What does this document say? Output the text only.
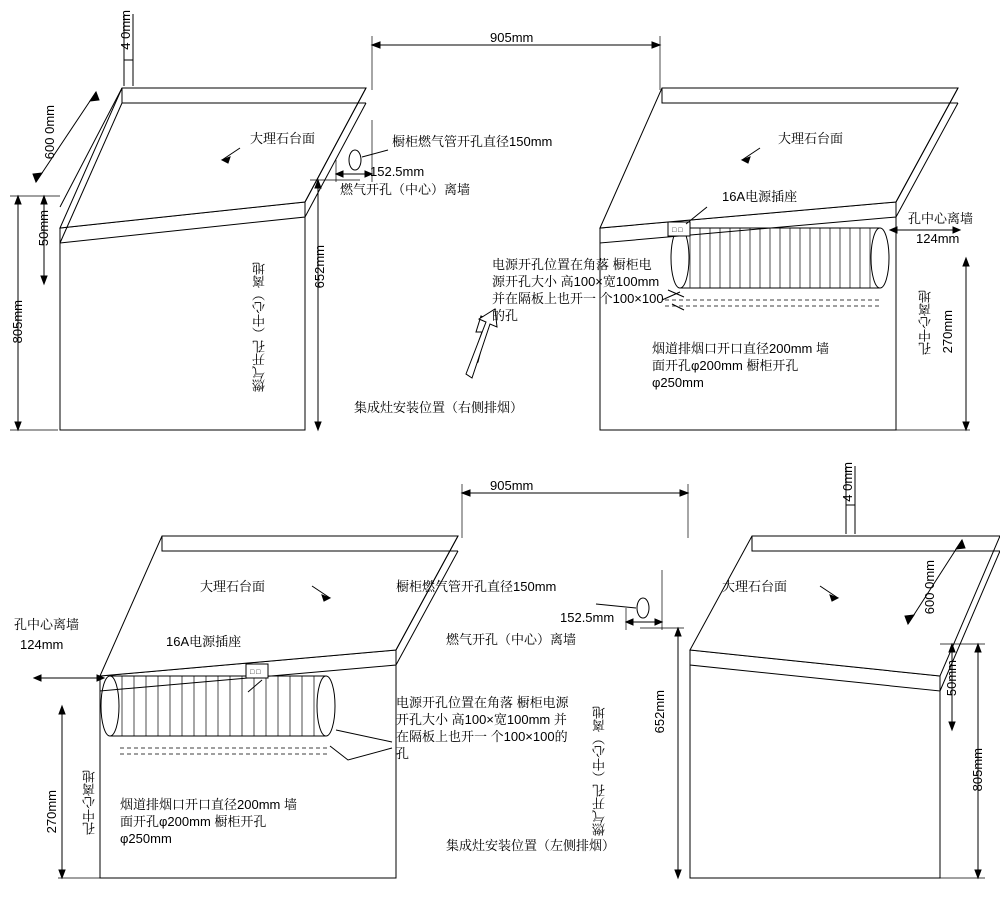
□ □
□ □
4 0mm
600 0mm
905mm
大理石台面	大理石台面
橱柜燃气管开孔直径150mm
152.5mm
燃气开孔（中心）离墙	16A电源插座
805mm
50mm
燃气开孔（中心）离地	652mm
孔中心离墙
124mm
孔中心离地 270mm
电源开孔位置在角落 橱柜电源开孔大小 高100×宽100mm 并在隔板上也开一 个100×100的孔
烟道排烟口开口直径200mm 墙面开孔φ200mm 橱柜开孔φ250mm
集成灶安装位置（右侧排烟）
905mm	4 0mm
600 0mm
大理石台面	大理石台面
橱柜燃气管开孔直径150mm
152.5mm
燃气开孔（中心）离墙
16A电源插座
孔中心离墙
124mm
孔中心离地
270mm	燃气开孔（中心）离地	652mm
805mm
50mm
电源开孔位置在角落 橱柜电源开孔大小 高100×宽100mm 并在隔板上也开一 个100×100的孔
烟道排烟口开口直径200mm 墙面开孔φ200mm 橱柜开孔φ250mm	集成灶安装位置（左侧排烟）
